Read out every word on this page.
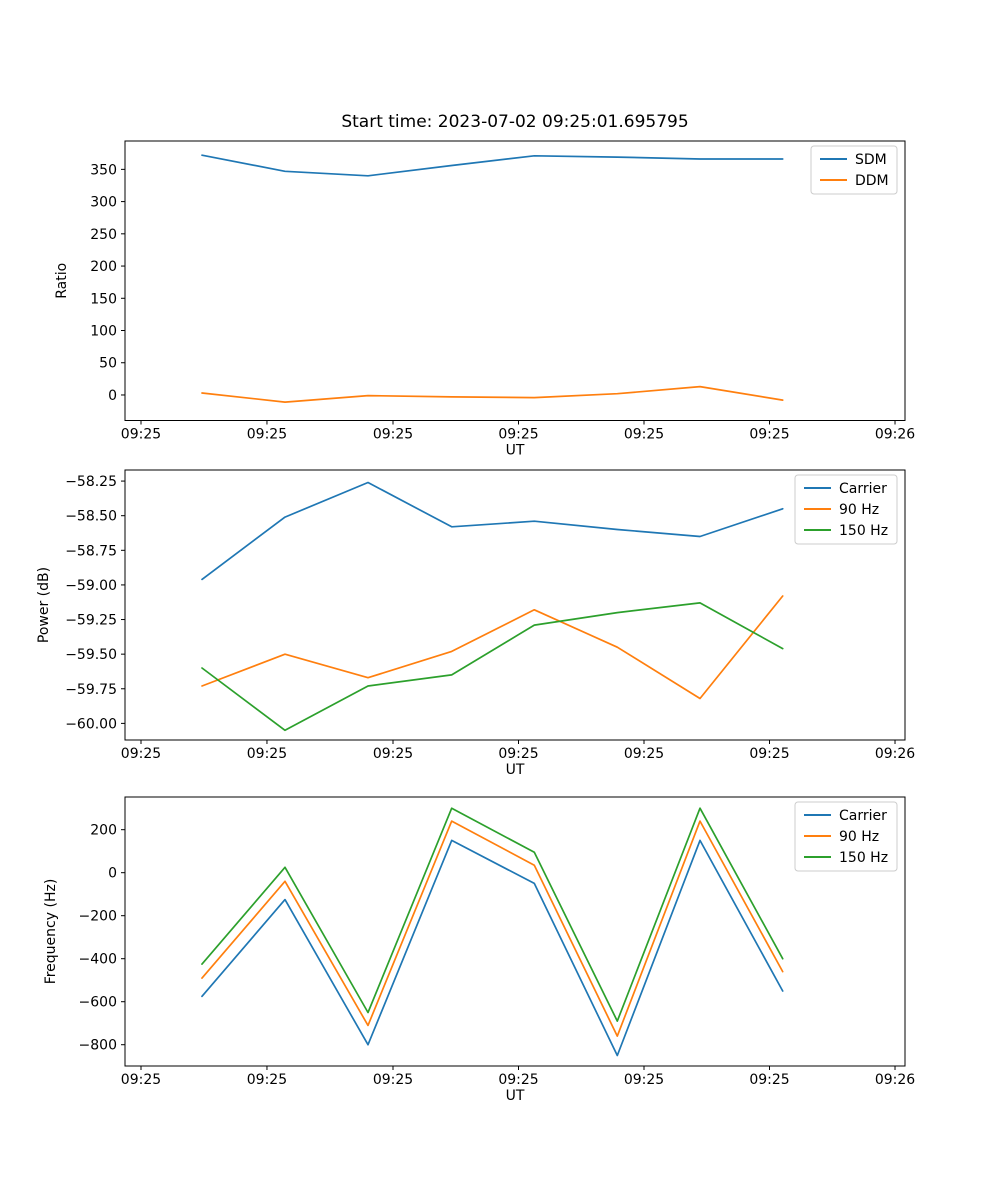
Start time: 2023-07-02 09:25:01.695795
09:25	09:25	09:25	09:25	09:25	09:25	09:26
UT
0
50
100
150
200
250
300
350
Ratio
SDM
DDM
09:25	09:25	09:25	09:25	09:25	09:25	09:26
UT
−58.25
−58.50
−58.75
−59.00
−59.25
−59.50
−59.75
−60.00
Power (dB)
Carrier
90 Hz
150 Hz
09:25	09:25	09:25	09:25	09:25	09:25	09:26
UT
200
0
−200
−400
−600
−800
Frequency (Hz)
Carrier
90 Hz
150 Hz
